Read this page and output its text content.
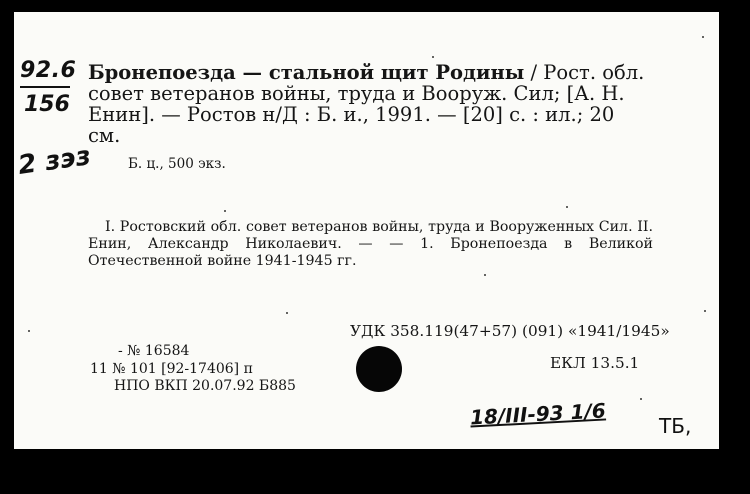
92.6
156
2 зэз
Бронепоезда — стальной щит Родины / Рост. обл. совет ветеранов войны, труда и Вооруж. Сил; [А. Н. Енин]. — Ростов н/Д : Б. и., 1991. — [20] с. : ил.; 20 см.
Б. ц., 500 экз.
I. Ростовский обл. совет ветеранов войны, труда и Вооруженных Сил. II. Енин, Александр Николаевич. — — 1. Бронепоезда в Великой Отечественной войне 1941-1945 гг.
УДК 358.119(47+57) (091) «1941/1945»
ЕКЛ 13.5.1
- № 16584
11 № 101 [92-17406] п
НПО ВКП 20.07.92 Б885
18/III-93 1/6	ТБ,
